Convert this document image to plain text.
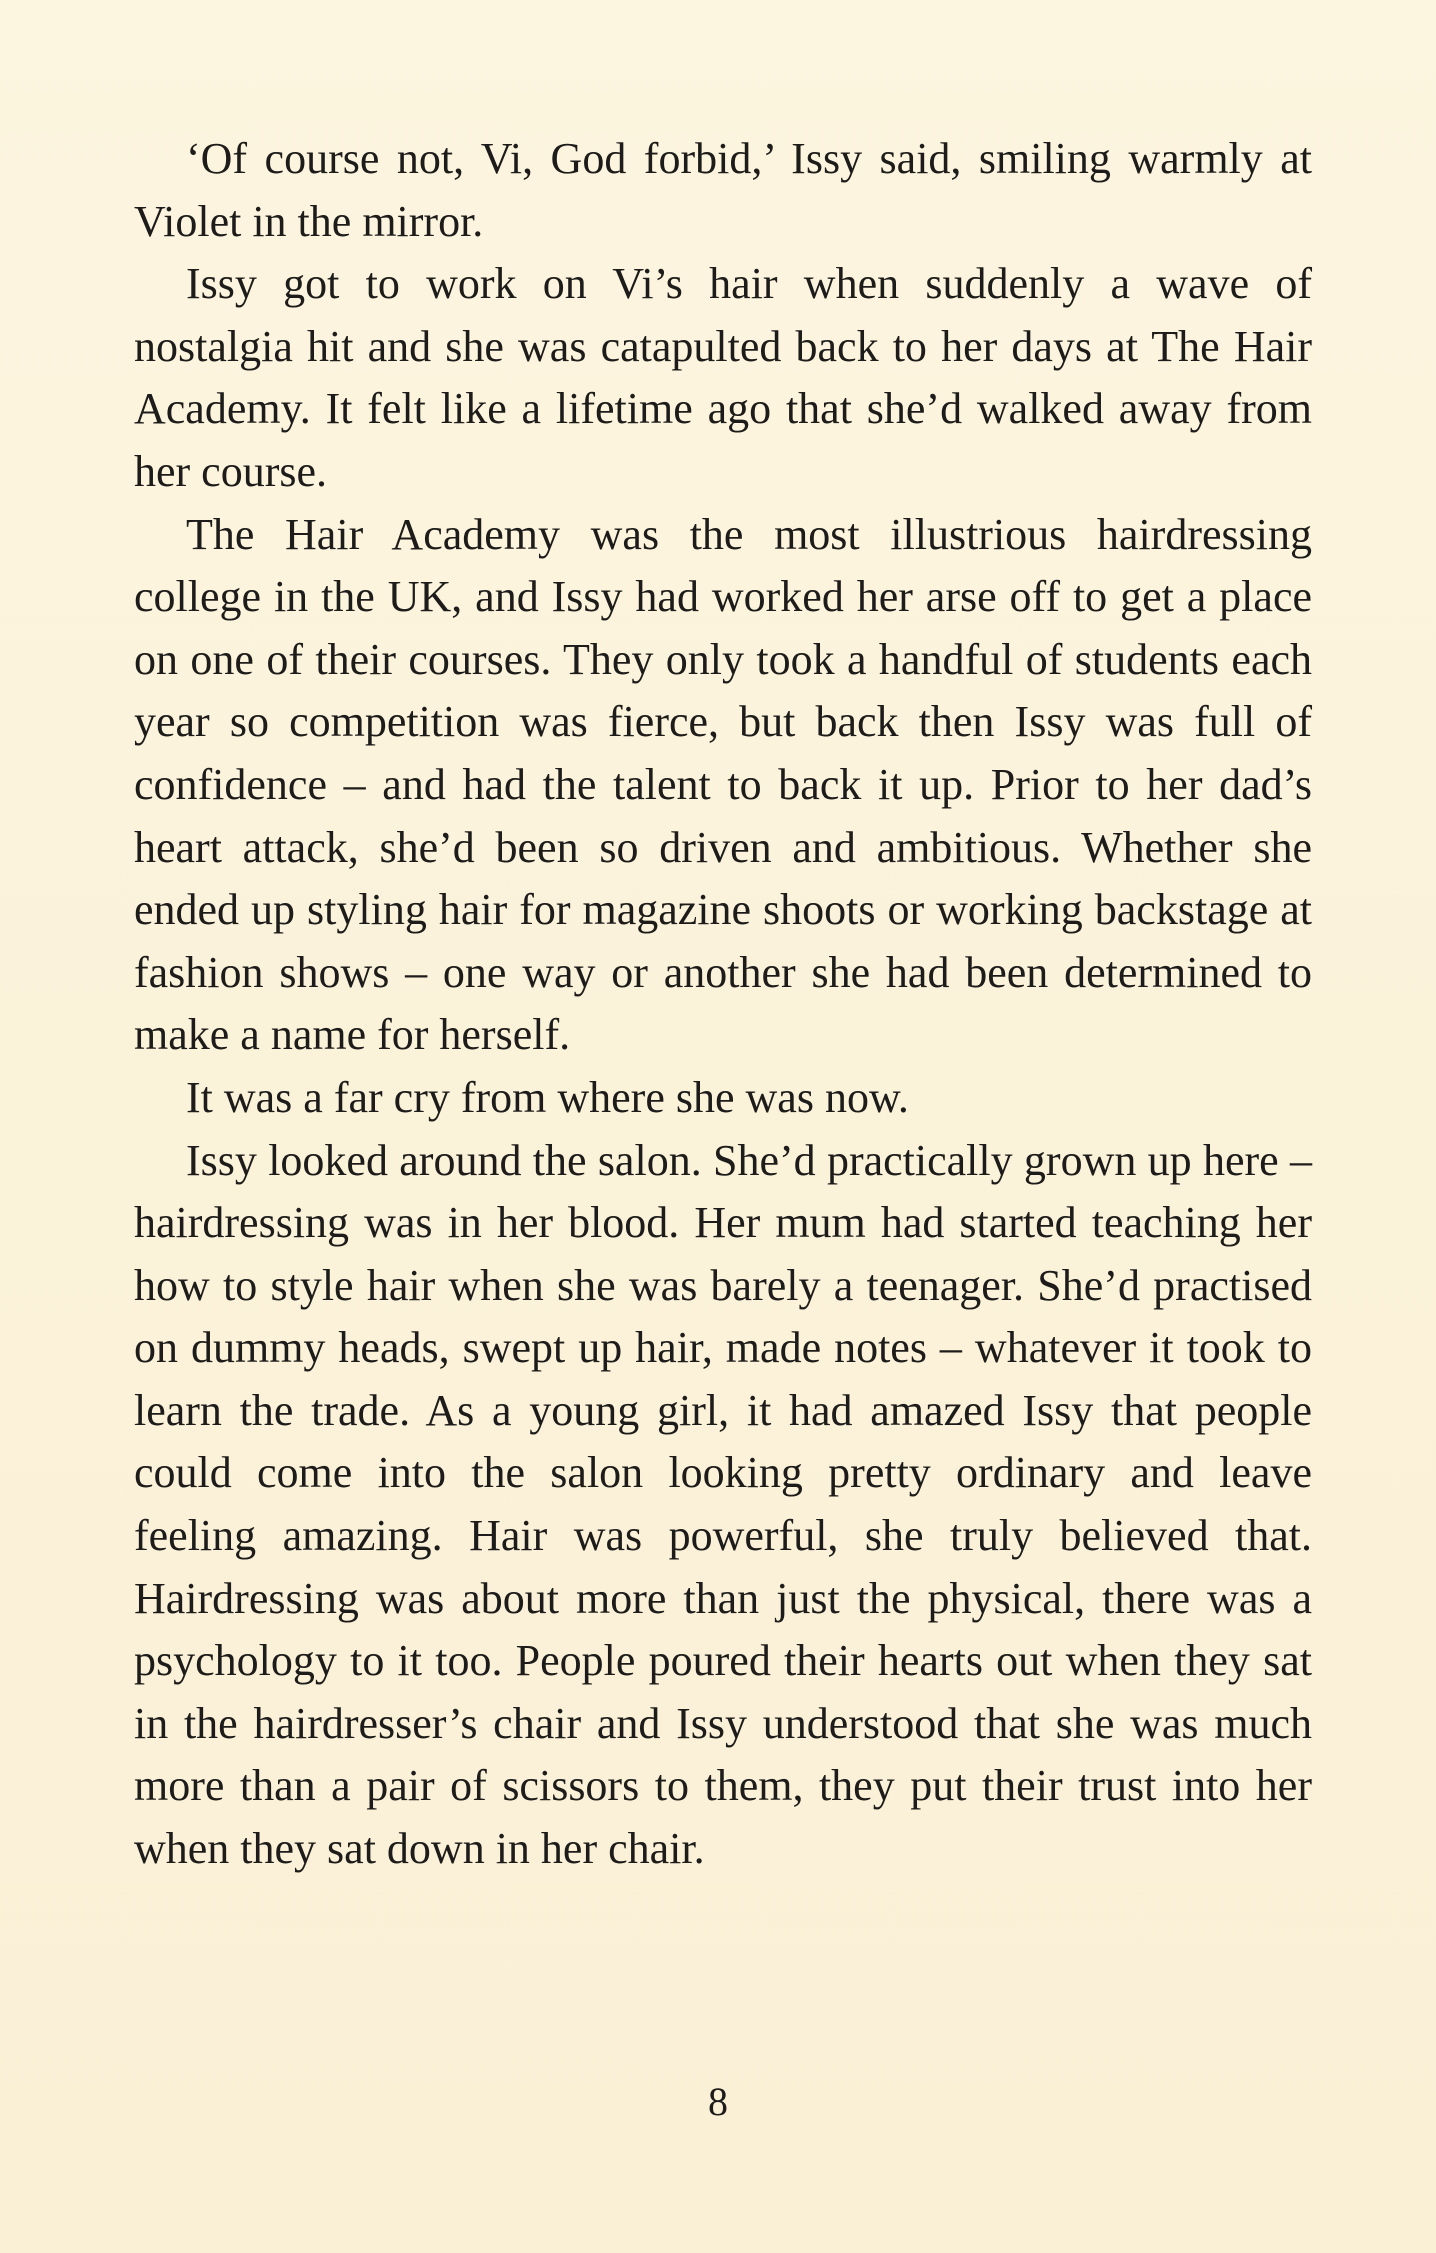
‘Of course not, Vi, God forbid,’ Issy said, smiling warmly at Violet in the mirror.

Issy got to work on Vi’s hair when suddenly a wave of nostalgia hit and she was catapulted back to her days at The Hair Academy. It felt like a lifetime ago that she’d walked away from her course.

The Hair Academy was the most illustrious hairdressing college in the UK, and Issy had worked her arse off to get a place on one of their courses. They only took a handful of students each year so competition was fierce, but back then Issy was full of confidence – and had the talent to back it up. Prior to her dad’s heart attack, she’d been so driven and ambitious. Whether she ended up styling hair for magazine shoots or working backstage at fashion shows – one way or another she had been determined to make a name for herself.

It was a far cry from where she was now.

Issy looked around the salon. She’d practically grown up here – hairdressing was in her blood. Her mum had started teaching her how to style hair when she was barely a teenager. She’d practised on dummy heads, swept up hair, made notes – whatever it took to learn the trade. As a young girl, it had amazed Issy that people could come into the salon looking pretty ordinary and leave feeling amazing. Hair was powerful, she truly believed that. Hairdressing was about more than just the physical, there was a psychology to it too. People poured their hearts out when they sat in the hairdresser’s chair and Issy understood that she was much more than a pair of scissors to them, they put their trust into her when they sat down in her chair.

8
